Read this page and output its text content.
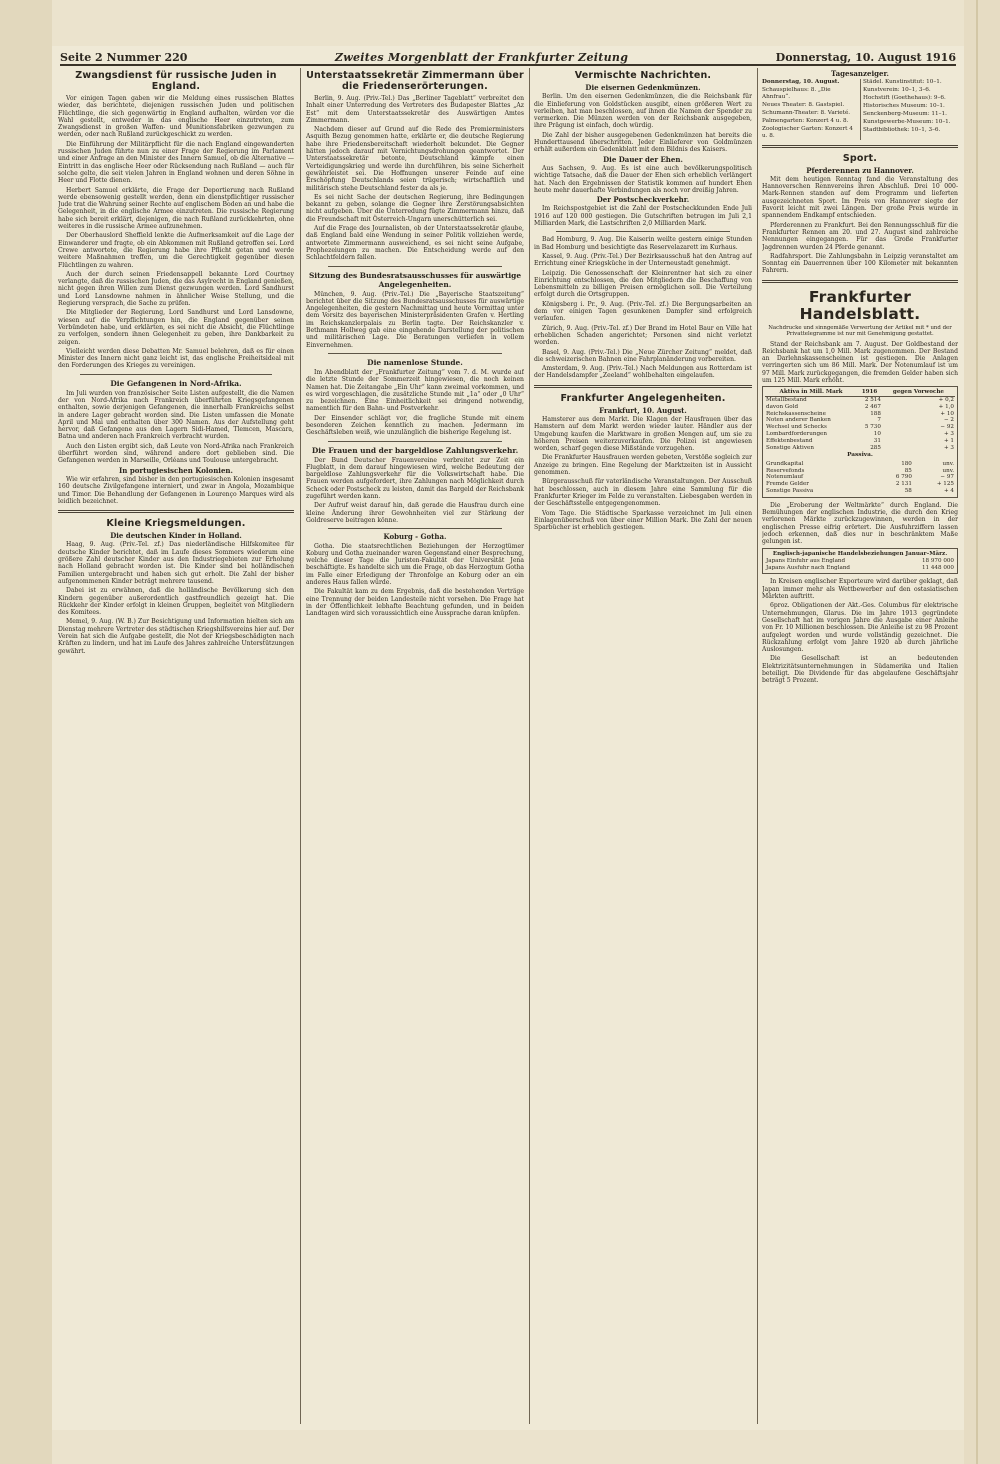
Seite 2 Nummer 220	Zweites Morgenblatt der Frankfurter Zeitung	Donnerstag, 10. August 1916
Zwangsdienst für russische Juden in England.

Vor einigen Tagen gaben wir die Meldung eines russischen Blattes wieder, das berichtete, diejenigen russischen Juden und politischen Flüchtlinge, die sich gegenwärtig in England aufhalten, würden vor die Wahl gestellt, entweder in das englische Heer einzutreten, zum Zwangsdienst in großen Waffen- und Munitionsfabriken gezwungen zu werden, oder nach Rußland zurückgeschickt zu werden.

Die Einführung der Militärpflicht für die nach England eingewanderten russischen Juden führte nun zu einer Frage der Regierung im Parlament und einer Anfrage an den Minister des Innern Samuel, ob die Alternative — Eintritt in das englische Heer oder Rücksendung nach Rußland — auch für solche gelte, die seit vielen Jahren in England wohnen und deren Söhne in Heer und Flotte dienen.

Herbert Samuel erklärte, die Frage der Deportierung nach Rußland werde ebensowenig gestellt werden, denn ein dienstpflichtiger russischer Jude trat die Wahrung seiner Rechte auf englischem Boden an und habe die Gelegenheit, in die englische Armee einzutreten. Die russische Regierung habe sich bereit erklärt, diejenigen, die nach Rußland zurückkehrten, ohne weiteres in die russische Armee aufzunehmen.

Der Oberhauslord Sheffield lenkte die Aufmerksamkeit auf die Lage der Einwanderer und fragte, ob ein Abkommen mit Rußland getroffen sei. Lord Crewe antwortete, die Regierung habe ihre Pflicht getan und werde weitere Maßnahmen treffen, um die Gerechtigkeit gegenüber diesen Flüchtlingen zu wahren.

Auch der durch seinen Friedensappell bekannte Lord Courtney verlangte, daß die russischen Juden, die das Asylrecht in England genießen, nicht gegen ihren Willen zum Dienst gezwungen werden. Lord Sandhurst und Lord Lansdowne nahmen in ähnlicher Weise Stellung, und die Regierung versprach, die Sache zu prüfen.

Die Mitglieder der Regierung, Lord Sandhurst und Lord Lansdowne, wiesen auf die Verpflichtungen hin, die England gegenüber seinen Verbündeten habe, und erklärten, es sei nicht die Absicht, die Flüchtlinge zu verfolgen, sondern ihnen Gelegenheit zu geben, ihre Dankbarkeit zu zeigen.

Vielleicht werden diese Debatten Mr. Samuel belehren, daß es für einen Minister des Innern nicht ganz leicht ist, das englische Freiheitsideal mit den Forderungen des Krieges zu vereinigen.

Die Gefangenen in Nord-Afrika.

Im Juli wurden von französischer Seite Listen aufgestellt, die die Namen der von Nord-Afrika nach Frankreich überführten Kriegsgefangenen enthalten, sowie derjenigen Gefangenen, die innerhalb Frankreichs selbst in andere Lager gebracht worden sind. Die Listen umfassen die Monate April und Mai und enthalten über 300 Namen. Aus der Aufstellung geht hervor, daß Gefangene aus den Lagern Sidi-Hamed, Tlemcen, Mascara, Batna und anderen nach Frankreich verbracht wurden.

Auch den Listen ergibt sich, daß Leute von Nord-Afrika nach Frankreich überführt worden sind, während andere dort geblieben sind. Die Gefangenen werden in Marseille, Orléans und Toulouse untergebracht.

In portugiesischen Kolonien.

Wie wir erfahren, sind bisher in den portugiesischen Kolonien insgesamt 160 deutsche Zivilgefangene interniert, und zwar in Angola, Mozambique und Timor. Die Behandlung der Gefangenen in Lourenço Marques wird als leidlich bezeichnet.

Kleine Kriegsmeldungen.
Die deutschen Kinder in Holland.

Haag, 9. Aug. (Priv.-Tel. zf.) Das niederländische Hilfskomitee für deutsche Kinder berichtet, daß im Laufe dieses Sommers wiederum eine größere Zahl deutscher Kinder aus den Industriegebieten zur Erholung nach Holland gebracht worden ist. Die Kinder sind bei holländischen Familien untergebracht und haben sich gut erholt. Die Zahl der bisher aufgenommenen Kinder beträgt mehrere tausend.

Dabei ist zu erwähnen, daß die holländische Bevölkerung sich den Kindern gegenüber außerordentlich gastfreundlich gezeigt hat. Die Rückkehr der Kinder erfolgt in kleinen Gruppen, begleitet von Mitgliedern des Komitees.

Memel, 9. Aug. (W. B.) Zur Besichtigung und Information hielten sich am Dienstag mehrere Vertreter des städtischen Kriegshilfsvereins hier auf. Der Verein hat sich die Aufgabe gestellt, die Not der Kriegsbeschädigten nach Kräften zu lindern, und hat im Laufe des Jahres zahlreiche Unterstützungen gewährt.

Unterstaatssekretär Zimmermann über die Friedenserörterungen.

Berlin, 9. Aug. (Priv.-Tel.) Das „Berliner Tageblatt“ verbreitet den Inhalt einer Unterredung des Vertreters des Budapester Blattes „Az Est“ mit dem Unterstaatssekretär des Auswärtigen Amtes Zimmermann.

Nachdem dieser auf Grund auf die Rede des Premierministers Asquith Bezug genommen hatte, erklärte er, die deutsche Regierung habe ihre Friedensbereitschaft wiederholt bekundet. Die Gegner hätten jedoch darauf mit Vernichtungsdrohungen geantwortet. Der Unterstaatssekretär betonte, Deutschland kämpfe einen Verteidigungskrieg und werde ihn durchführen, bis seine Sicherheit gewährleistet sei. Die Hoffnungen unserer Feinde auf eine Erschöpfung Deutschlands seien trügerisch; wirtschaftlich und militärisch stehe Deutschland fester da als je.

Es sei nicht Sache der deutschen Regierung, ihre Bedingungen bekannt zu geben, solange die Gegner ihre Zerstörungsabsichten nicht aufgeben. Über die Unterredung fügte Zimmermann hinzu, daß die Freundschaft mit Österreich-Ungarn unerschütterlich sei.

Auf die Frage des Journalisten, ob der Unterstaatssekretär glaube, daß England bald eine Wendung in seiner Politik vollziehen werde, antwortete Zimmermann ausweichend, es sei nicht seine Aufgabe, Prophezeiungen zu machen. Die Entscheidung werde auf den Schlachtfeldern fallen.

Sitzung des Bundesratsausschusses für auswärtige Angelegenheiten.

München, 9. Aug. (Priv.-Tel.) Die „Bayerische Staatszeitung“ berichtet über die Sitzung des Bundesratsausschusses für auswärtige Angelegenheiten, die gestern Nachmittag und heute Vormittag unter dem Vorsitz des bayerischen Ministerpräsidenten Grafen v. Hertling im Reichskanzlerpalais zu Berlin tagte. Der Reichskanzler v. Bethmann Hollweg gab eine eingehende Darstellung der politischen und militärischen Lage. Die Beratungen verliefen in vollem Einvernehmen.

Die namenlose Stunde.

Im Abendblatt der „Frankfurter Zeitung“ vom 7. d. M. wurde auf die letzte Stunde der Sommerzeit hingewiesen, die noch keinen Namen hat. Die Zeitangabe „Ein Uhr“ kann zweimal vorkommen, und es wird vorgeschlagen, die zusätzliche Stunde mit „1a“ oder „0 Uhr“ zu bezeichnen. Eine Einheitlichkeit sei dringend notwendig, namentlich für den Bahn- und Postverkehr.

Der Einsender schlägt vor, die fragliche Stunde mit einem besonderen Zeichen kenntlich zu machen. Jedermann im Geschäftsleben weiß, wie unzulänglich die bisherige Regelung ist.

Die Frauen und der bargeldlose Zahlungsverkehr.

Der Bund Deutscher Frauenvereine verbreitet zur Zeit ein Flugblatt, in dem darauf hingewiesen wird, welche Bedeutung der bargeldlose Zahlungsverkehr für die Volkswirtschaft habe. Die Frauen werden aufgefordert, ihre Zahlungen nach Möglichkeit durch Scheck oder Postscheck zu leisten, damit das Bargeld der Reichsbank zugeführt werden kann.

Der Aufruf weist darauf hin, daß gerade die Hausfrau durch eine kleine Änderung ihrer Gewohnheiten viel zur Stärkung der Goldreserve beitragen könne.

Koburg - Gotha.

Gotha. Die staatsrechtlichen Beziehungen der Herzogtümer Koburg und Gotha zueinander waren Gegenstand einer Besprechung, welche dieser Tage die Juristen-Fakultät der Universität Jena beschäftigte. Es handelte sich um die Frage, ob das Herzogtum Gotha im Falle einer Erledigung der Thronfolge an Koburg oder an ein anderes Haus fallen würde.

Die Fakultät kam zu dem Ergebnis, daß die bestehenden Verträge eine Trennung der beiden Landesteile nicht vorsehen. Die Frage hat in der Öffentlichkeit lebhafte Beachtung gefunden, und in beiden Landtagen wird sich voraussichtlich eine Aussprache daran knüpfen.

Vermischte Nachrichten.
Die eisernen Gedenkmünzen.

Berlin. Um den eisernen Gedenkmünzen, die die Reichsbank für die Einlieferung von Goldstücken ausgibt, einen größeren Wert zu verleihen, hat man beschlossen, auf ihnen die Namen der Spender zu vermerken. Die Münzen werden von der Reichsbank ausgegeben, ihre Prägung ist einfach, doch würdig.

Die Zahl der bisher ausgegebenen Gedenkmünzen hat bereits die Hunderttausend überschritten. Jeder Einlieferer von Goldmünzen erhält außerdem ein Gedenkblatt mit dem Bildnis des Kaisers.

Die Dauer der Ehen.

Aus Sachsen, 9. Aug. Es ist eine auch bevölkerungspolitisch wichtige Tatsache, daß die Dauer der Ehen sich erheblich verlängert hat. Nach den Ergebnissen der Statistik kommen auf hundert Ehen heute mehr dauerhafte Verbindungen als noch vor dreißig Jahren.

Der Postscheckverkehr.

Im Reichspostgebiet ist die Zahl der Postscheckkunden Ende Juli 1916 auf 120 000 gestiegen. Die Gutschriften betrugen im Juli 2,1 Milliarden Mark, die Lastschriften 2,0 Milliarden Mark.

Bad Homburg, 9. Aug. Die Kaiserin weilte gestern einige Stunden in Bad Homburg und besichtigte das Reservelazarett im Kurhaus.

Kassel, 9. Aug. (Priv.-Tel.) Der Bezirksausschuß hat den Antrag auf Errichtung einer Kriegsküche in der Unterneustadt genehmigt.

Leipzig. Die Genossenschaft der Kleinrentner hat sich zu einer Einrichtung entschlossen, die den Mitgliedern die Beschaffung von Lebensmitteln zu billigen Preisen ermöglichen soll. Die Verteilung erfolgt durch die Ortsgruppen.

Königsberg i. Pr., 9. Aug. (Priv.-Tel. zf.) Die Bergungsarbeiten an dem vor einigen Tagen gesunkenen Dampfer sind erfolgreich verlaufen.

Zürich, 9. Aug. (Priv.-Tel. zf.) Der Brand im Hotel Baur en Ville hat erheblichen Schaden angerichtet; Personen sind nicht verletzt worden.

Basel, 9. Aug. (Priv.-Tel.) Die „Neue Zürcher Zeitung“ meldet, daß die schweizerischen Bahnen eine Fahrplanänderung vorbereiten.

Amsterdam, 9. Aug. (Priv.-Tel.) Nach Meldungen aus Rotterdam ist der Handelsdampfer „Zeeland“ wohlbehalten eingelaufen.

Frankfurter Angelegenheiten.
Frankfurt, 10. August.

Hamsterer aus dem Markt. Die Klagen der Hausfrauen über das Hamstern auf dem Markt werden wieder lauter. Händler aus der Umgebung kaufen die Marktware in großen Mengen auf, um sie zu höheren Preisen weiterzuverkaufen. Die Polizei ist angewiesen worden, scharf gegen diese Mißstände vorzugehen.

Die Frankfurter Hausfrauen werden gebeten, Verstöße sogleich zur Anzeige zu bringen. Eine Regelung der Marktzeiten ist in Aussicht genommen.

Bürgerausschuß für vaterländische Veranstaltungen. Der Ausschuß hat beschlossen, auch in diesem Jahre eine Sammlung für die Frankfurter Krieger im Felde zu veranstalten. Liebesgaben werden in der Geschäftsstelle entgegengenommen.

Vom Tage. Die Städtische Sparkasse verzeichnet im Juli einen Einlagenüberschuß von über einer Million Mark. Die Zahl der neuen Sparbücher ist erheblich gestiegen.

Tagesanzeiger.
Donnerstag, 10. August.
Schauspielhaus: 8. „Die Ahnfrau“.
Neues Theater: 8. Gastspiel.
Schumann-Theater: 8. Varieté.
Palmengarten: Konzert 4 u. 8.
Zoologischer Garten: Konzert 4 u. 8.
Städel. Kunstinstitut: 10–1.
Kunstverein: 10–1, 3–6.
Hochstift (Goethehaus): 9–6.
Historisches Museum: 10–1.
Senckenberg-Museum: 11–1.
Kunstgewerbe-Museum: 10–1.
Stadtbibliothek: 10–1, 3–6.
Sport.
Pferderennen zu Hannover.

Mit dem heutigen Renntag fand die Veranstaltung des Hannoverschen Rennvereins ihren Abschluß. Drei 10 000-Mark-Rennen standen auf dem Programm und lieferten ausgezeichneten Sport. Im Preis von Hannover siegte der Favorit leicht mit zwei Längen. Der große Preis wurde in spannendem Endkampf entschieden.

Pferderennen zu Frankfurt. Bei den Rennungsschluß für die Frankfurter Rennen am 20. und 27. August sind zahlreiche Nennungen eingegangen. Für das Große Frankfurter Jagdrennen wurden 24 Pferde genannt.

Radfahrsport. Die Zahlungsbahn in Leipzig veranstaltet am Sonntag ein Dauerrennen über 100 Kilometer mit bekannten Fahrern.

Frankfurter Handelsblatt.
Nachdrucke und sinngemäße Verwertung der Artikel mit * und der Privattelegramme ist nur mit Genehmigung gestattet.

Stand der Reichsbank am 7. August. Der Goldbestand der Reichsbank hat um 1,0 Mill. Mark zugenommen. Der Bestand an Darlehnskassenscheinen ist gestiegen. Die Anlagen verringerten sich um 86 Mill. Mark. Der Notenumlauf ist um 97 Mill. Mark zurückgegangen, die fremden Gelder haben sich um 125 Mill. Mark erhöht.

Aktiva in Mill. Mark	1916	gegen Vorwoche
Metallbestand	2 514	+ 0,2
davon Gold	2 467	+ 1,0
Reichskassenscheine	188	+ 10
Noten anderer Banken	7	− 2
Wechsel und Schecks	5 730	− 92
Lombardforderungen	10	+ 3
Effektenbestand	31	+ 1
Sonstige Aktiven	285	+ 3
Passiva.
Grundkapital	180	unv.
Reservefonds	85	unv.
Notenumlauf	6 790	− 97
Fremde Gelder	2 131	+ 125
Sonstige Passiva	58	+ 4

Die „Eroberung der Weltmärkte“ durch England. Die Bemühungen der englischen Industrie, die durch den Krieg verlorenen Märkte zurückzugewinnen, werden in der englischen Presse eifrig erörtert. Die Ausfuhrziffern lassen jedoch erkennen, daß dies nur in beschränktem Maße gelungen ist.

Englisch-japanische Handelsbeziehungen Januar–März.
Japans Einfuhr aus England	18 970 000
Japans Ausfuhr nach England	11 448 000

In Kreisen englischer Exporteure wird darüber geklagt, daß Japan immer mehr als Wettbewerber auf den ostasiatischen Märkten auftritt.

6proz. Obligationen der Akt.-Ges. Columbus für elektrische Unternehmungen, Glarus. Die im Jahre 1913 gegründete Gesellschaft hat im vorigen Jahre die Ausgabe einer Anleihe von Fr. 10 Millionen beschlossen. Die Anleihe ist zu 98 Prozent aufgelegt worden und wurde vollständig gezeichnet. Die Rückzahlung erfolgt vom Jahre 1920 ab durch jährliche Auslosungen.

Die Gesellschaft ist an bedeutenden Elektrizitätsunternehmungen in Südamerika und Italien beteiligt. Die Dividende für das abgelaufene Geschäftsjahr beträgt 5 Prozent.
